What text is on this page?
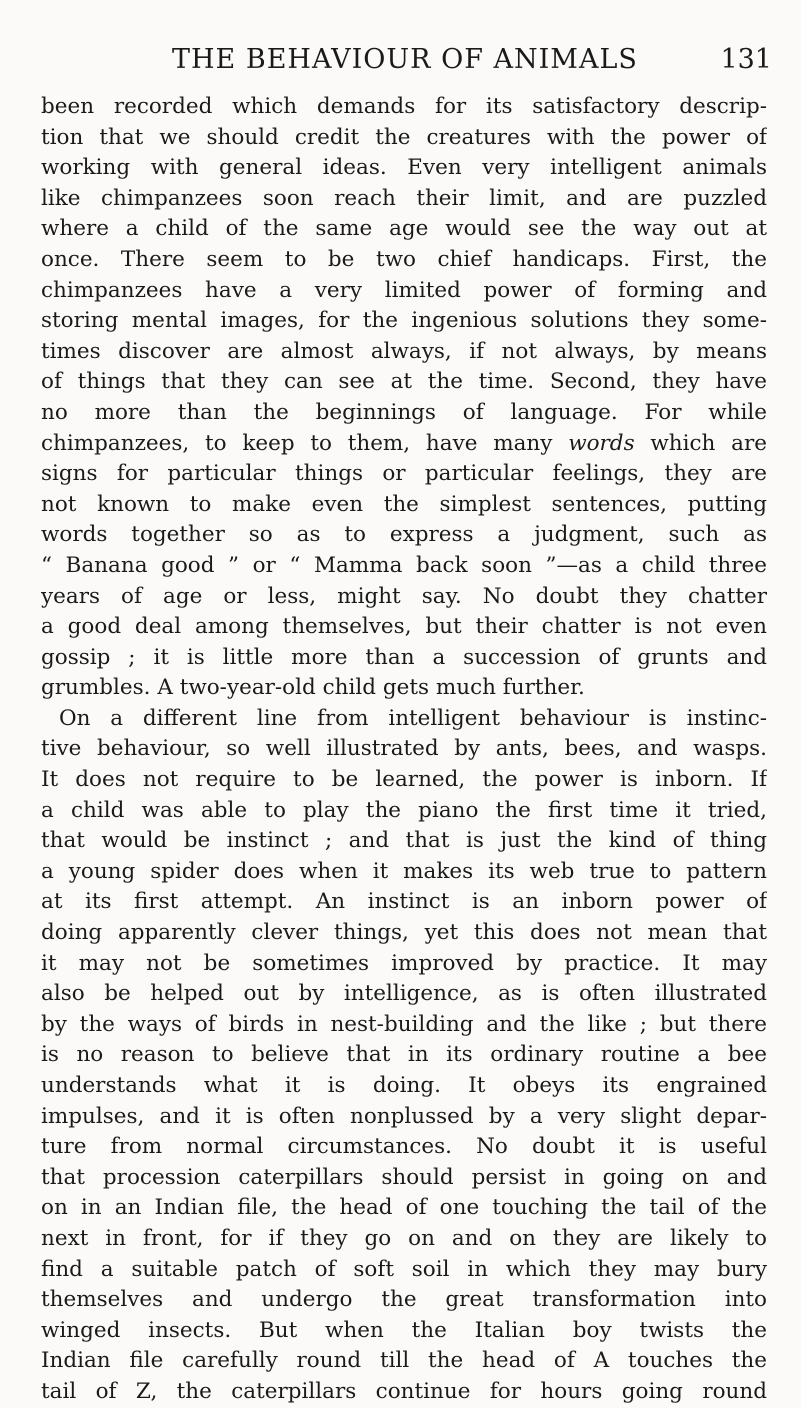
THE BEHAVIOUR OF ANIMALS	131
been recorded which demands for its satisfactory descrip-
tion that we should credit the creatures with the power of
working with general ideas. Even very intelligent animals
like chimpanzees soon reach their limit, and are puzzled
where a child of the same age would see the way out at
once. There seem to be two chief handicaps. First, the
chimpanzees have a very limited power of forming and
storing mental images, for the ingenious solutions they some-
times discover are almost always, if not always, by means
of things that they can see at the time. Second, they have
no more than the beginnings of language. For while
chimpanzees, to keep to them, have many words which are
signs for particular things or particular feelings, they are
not known to make even the simplest sentences, putting
words together so as to express a judgment, such as
“ Banana good ” or “ Mamma back soon ”—as a child three
years of age or less, might say. No doubt they chatter
a good deal among themselves, but their chatter is not even
gossip ; it is little more than a succession of grunts and
grumbles. A two-year-old child gets much further.
On a different line from intelligent behaviour is instinc-
tive behaviour, so well illustrated by ants, bees, and wasps.
It does not require to be learned, the power is inborn. If
a child was able to play the piano the first time it tried,
that would be instinct ; and that is just the kind of thing
a young spider does when it makes its web true to pattern
at its first attempt. An instinct is an inborn power of
doing apparently clever things, yet this does not mean that
it may not be sometimes improved by practice. It may
also be helped out by intelligence, as is often illustrated
by the ways of birds in nest-building and the like ; but there
is no reason to believe that in its ordinary routine a bee
understands what it is doing. It obeys its engrained
impulses, and it is often nonplussed by a very slight depar-
ture from normal circumstances. No doubt it is useful
that procession caterpillars should persist in going on and
on in an Indian file, the head of one touching the tail of the
next in front, for if they go on and on they are likely to
find a suitable patch of soft soil in which they may bury
themselves and undergo the great transformation into
winged insects. But when the Italian boy twists the
Indian file carefully round till the head of A touches the
tail of Z, the caterpillars continue for hours going round
